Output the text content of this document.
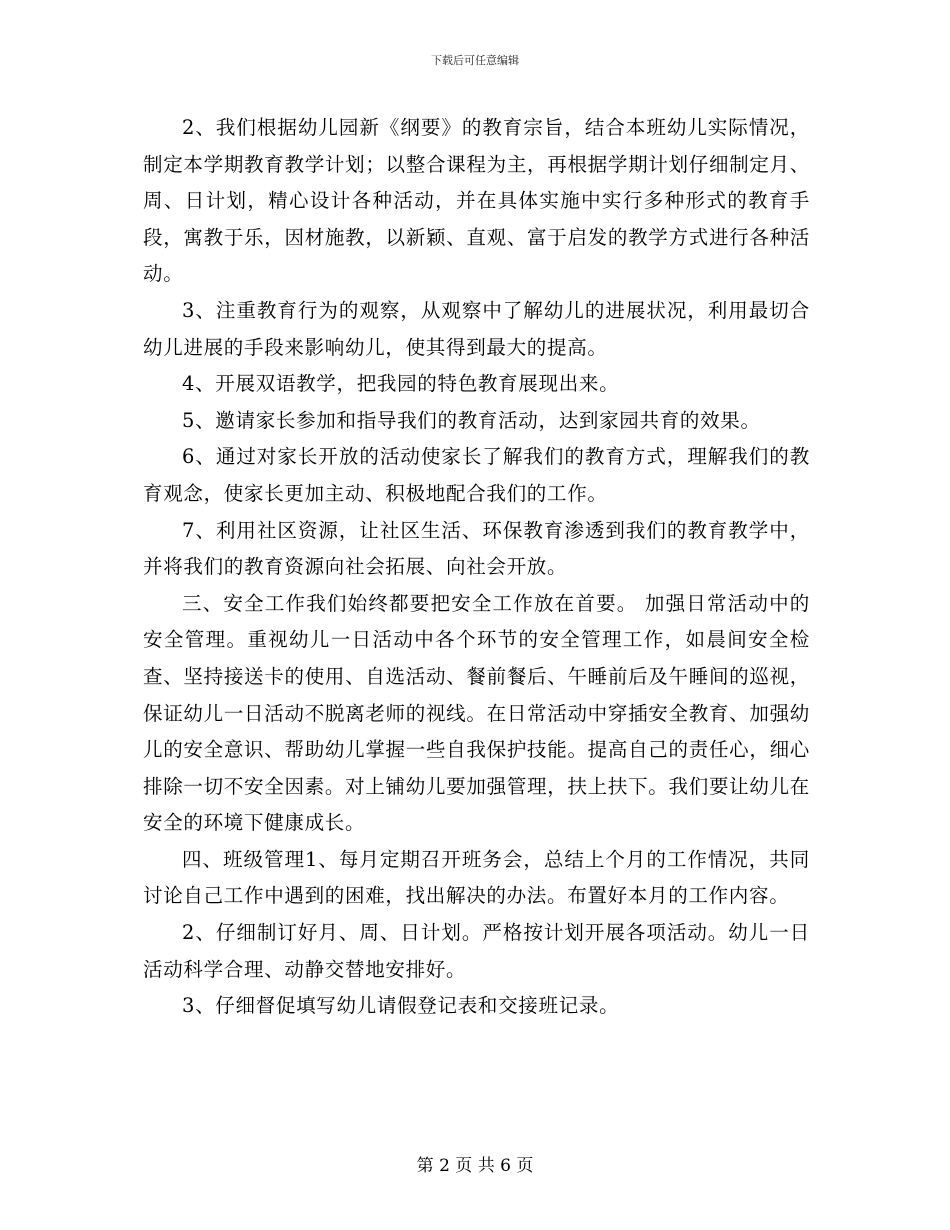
下载后可任意编辑

2、我们根据幼儿园新《纲要》的教育宗旨，结合本班幼儿实际情况，制定本学期教育教学计划；以整合课程为主，再根据学期计划仔细制定月、周、日计划，精心设计各种活动，并在具体实施中实行多种形式的教育手段，寓教于乐，因材施教，以新颖、直观、富于启发的教学方式进行各种活动。

3、注重教育行为的观察，从观察中了解幼儿的进展状况，利用最切合幼儿进展的手段来影响幼儿，使其得到最大的提高。

4、开展双语教学，把我园的特色教育展现出来。

5、邀请家长参加和指导我们的教育活动，达到家园共育的效果。

6、通过对家长开放的活动使家长了解我们的教育方式，理解我们的教育观念，使家长更加主动、积极地配合我们的工作。

7、利用社区资源，让社区生活、环保教育渗透到我们的教育教学中，并将我们的教育资源向社会拓展、向社会开放。

三、安全工作我们始终都要把安全工作放在首要。 加强日常活动中的安全管理。重视幼儿一日活动中各个环节的安全管理工作，如晨间安全检查、坚持接送卡的使用、自选活动、餐前餐后、午睡前后及午睡间的巡视，保证幼儿一日活动不脱离老师的视线。在日常活动中穿插安全教育、加强幼儿的安全意识、帮助幼儿掌握一些自我保护技能。提高自己的责任心，细心排除一切不安全因素。对上铺幼儿要加强管理，扶上扶下。我们要让幼儿在安全的环境下健康成长。

四、班级管理1、每月定期召开班务会，总结上个月的工作情况，共同讨论自己工作中遇到的困难，找出解决的办法。布置好本月的工作内容。

2、仔细制订好月、周、日计划。严格按计划开展各项活动。幼儿一日活动科学合理、动静交替地安排好。

3、仔细督促填写幼儿请假登记表和交接班记录。

第 2 页 共 6 页
